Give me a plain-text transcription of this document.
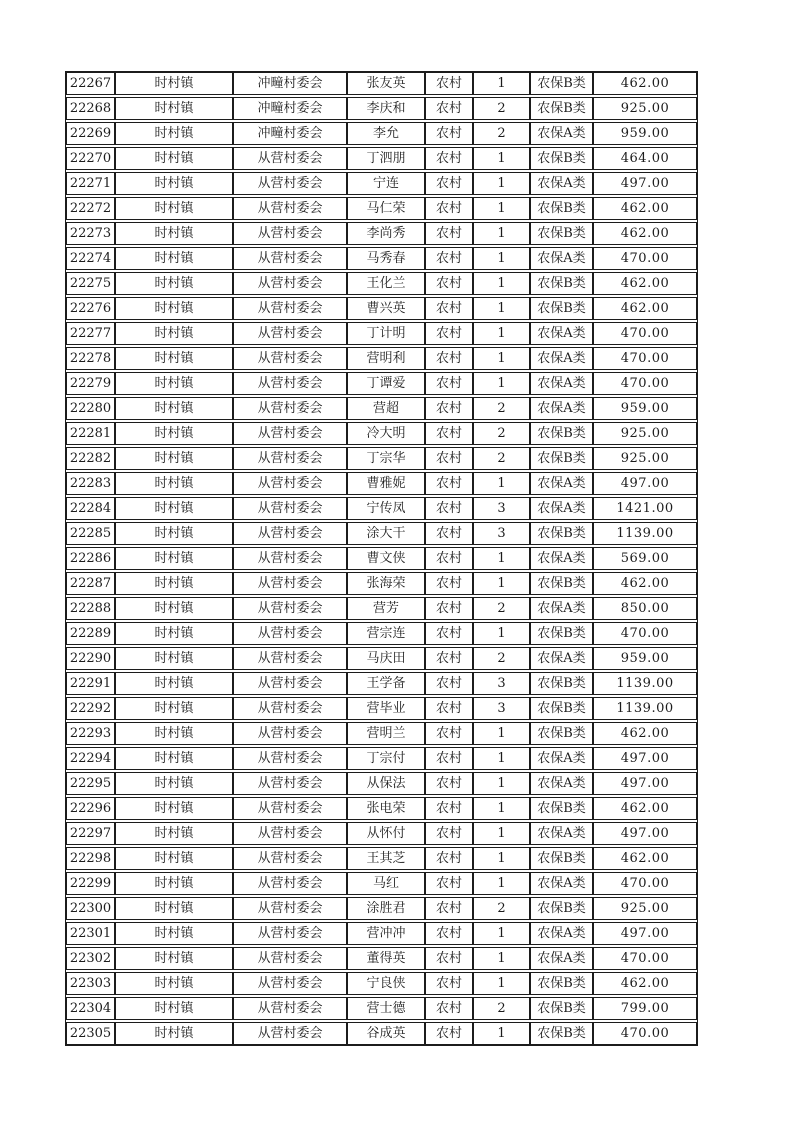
22267	时村镇	冲疃村委会	张友英	农村	1	农保B类	462.00
22268	时村镇	冲疃村委会	李庆和	农村	2	农保B类	925.00
22269	时村镇	冲疃村委会	李允	农村	2	农保A类	959.00
22270	时村镇	从营村委会	丁泗朋	农村	1	农保B类	464.00
22271	时村镇	从营村委会	宁连	农村	1	农保A类	497.00
22272	时村镇	从营村委会	马仁荣	农村	1	农保B类	462.00
22273	时村镇	从营村委会	李尚秀	农村	1	农保B类	462.00
22274	时村镇	从营村委会	马秀春	农村	1	农保A类	470.00
22275	时村镇	从营村委会	王化兰	农村	1	农保B类	462.00
22276	时村镇	从营村委会	曹兴英	农村	1	农保B类	462.00
22277	时村镇	从营村委会	丁计明	农村	1	农保A类	470.00
22278	时村镇	从营村委会	营明利	农村	1	农保A类	470.00
22279	时村镇	从营村委会	丁谭爱	农村	1	农保A类	470.00
22280	时村镇	从营村委会	营超	农村	2	农保A类	959.00
22281	时村镇	从营村委会	冷大明	农村	2	农保B类	925.00
22282	时村镇	从营村委会	丁宗华	农村	2	农保B类	925.00
22283	时村镇	从营村委会	曹雅妮	农村	1	农保A类	497.00
22284	时村镇	从营村委会	宁传凤	农村	3	农保A类	1421.00
22285	时村镇	从营村委会	涂大干	农村	3	农保B类	1139.00
22286	时村镇	从营村委会	曹文侠	农村	1	农保A类	569.00
22287	时村镇	从营村委会	张海荣	农村	1	农保B类	462.00
22288	时村镇	从营村委会	营芳	农村	2	农保A类	850.00
22289	时村镇	从营村委会	营宗连	农村	1	农保B类	470.00
22290	时村镇	从营村委会	马庆田	农村	2	农保A类	959.00
22291	时村镇	从营村委会	王学备	农村	3	农保B类	1139.00
22292	时村镇	从营村委会	营毕业	农村	3	农保B类	1139.00
22293	时村镇	从营村委会	营明兰	农村	1	农保B类	462.00
22294	时村镇	从营村委会	丁宗付	农村	1	农保A类	497.00
22295	时村镇	从营村委会	从保法	农村	1	农保A类	497.00
22296	时村镇	从营村委会	张电荣	农村	1	农保B类	462.00
22297	时村镇	从营村委会	从怀付	农村	1	农保A类	497.00
22298	时村镇	从营村委会	王其芝	农村	1	农保B类	462.00
22299	时村镇	从营村委会	马红	农村	1	农保A类	470.00
22300	时村镇	从营村委会	涂胜君	农村	2	农保B类	925.00
22301	时村镇	从营村委会	营冲冲	农村	1	农保A类	497.00
22302	时村镇	从营村委会	董得英	农村	1	农保A类	470.00
22303	时村镇	从营村委会	宁良侠	农村	1	农保B类	462.00
22304	时村镇	从营村委会	营士德	农村	2	农保B类	799.00
22305	时村镇	从营村委会	谷成英	农村	1	农保B类	470.00
